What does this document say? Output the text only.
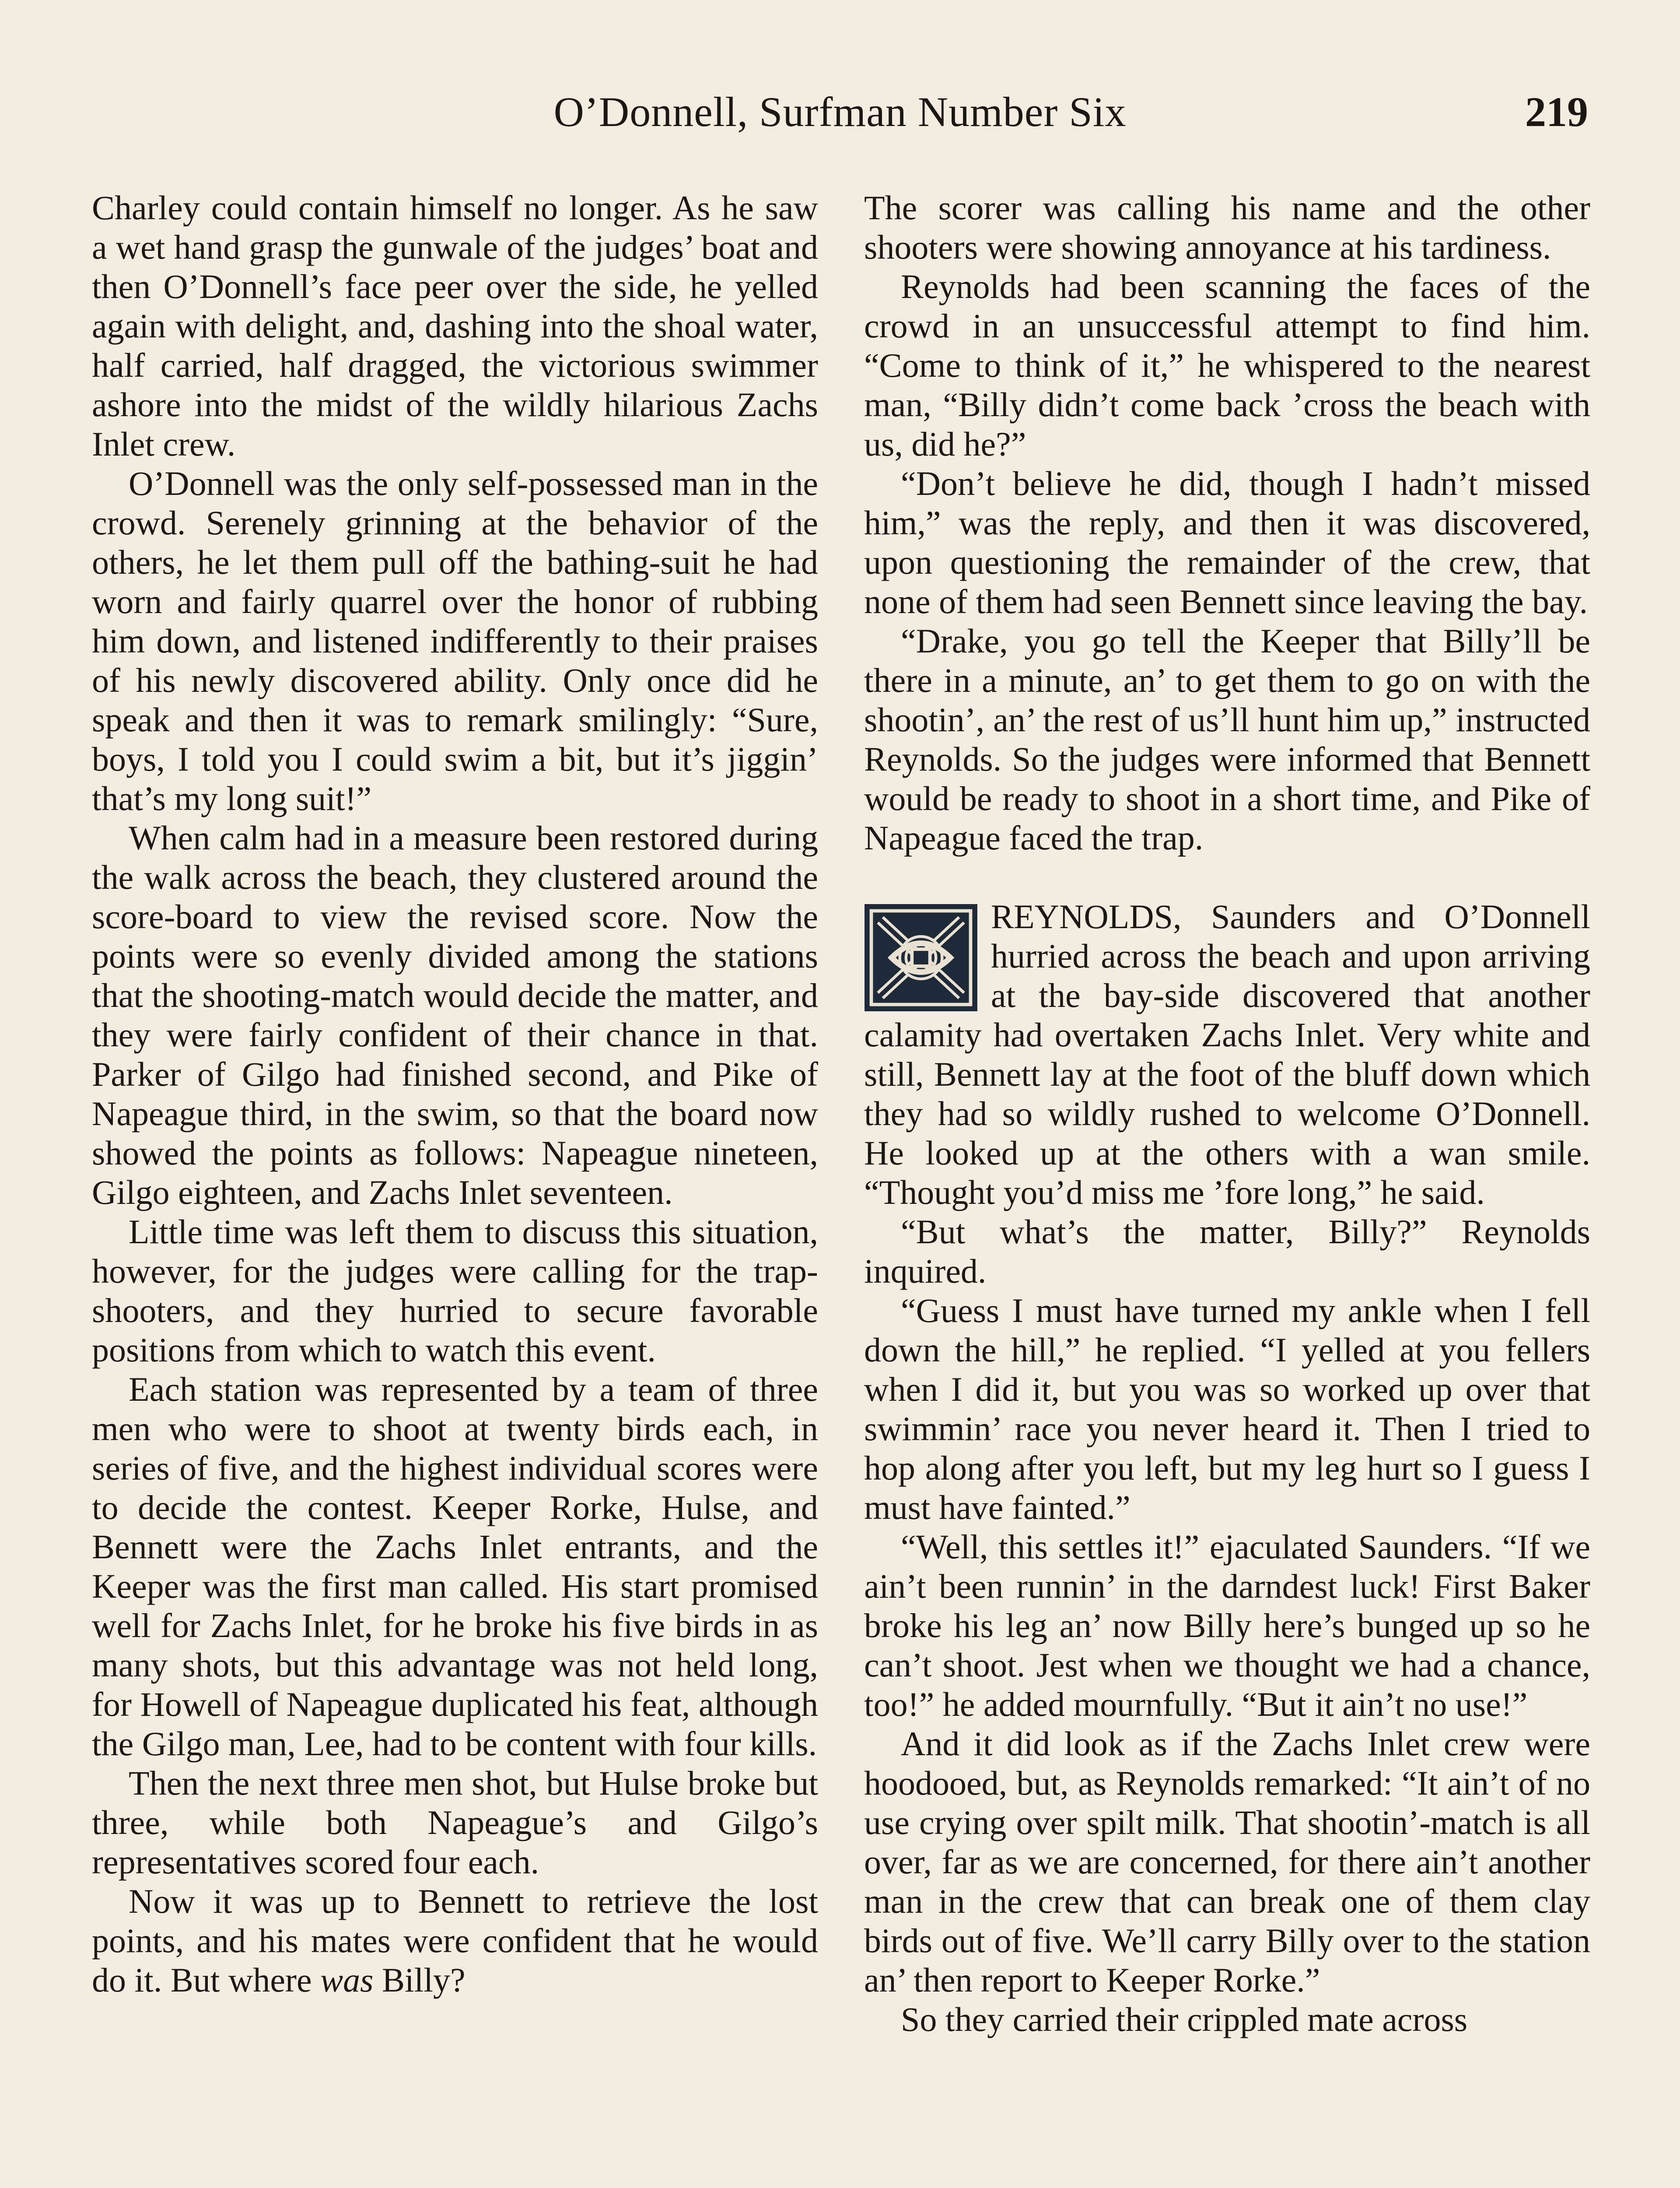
O’Donnell, Surfman Number Six	219

Charley could contain himself no longer. As he saw a wet hand grasp the gunwale of the judges’ boat and then O’Donnell’s face peer over the side, he yelled again with delight, and, dashing into the shoal water, half carried, half dragged, the victorious swimmer ashore into the midst of the wildly hilarious Zachs Inlet crew.

O’Donnell was the only self-possessed man in the crowd. Serenely grinning at the behavior of the others, he let them pull off the bathing-suit he had worn and fairly quarrel over the honor of rubbing him down, and listened indifferently to their praises of his newly discovered ability. Only once did he speak and then it was to remark smilingly: “Sure, boys, I told you I could swim a bit, but it’s jiggin’ that’s my long suit!”

When calm had in a measure been restored during the walk across the beach, they clustered around the score-board to view the revised score. Now the points were so evenly divided among the stations that the shooting-match would decide the matter, and they were fairly confident of their chance in that. Parker of Gilgo had finished second, and Pike of Napeague third, in the swim, so that the board now showed the points as follows: Napeague nineteen, Gilgo eighteen, and Zachs Inlet seventeen.

Little time was left them to discuss this situation, however, for the judges were calling for the trap-shooters, and they hurried to secure favorable positions from which to watch this event.

Each station was represented by a team of three men who were to shoot at twenty birds each, in series of five, and the highest individual scores were to decide the contest. Keeper Rorke, Hulse, and Bennett were the Zachs Inlet entrants, and the Keeper was the first man called. His start promised well for Zachs Inlet, for he broke his five birds in as many shots, but this advantage was not held long, for Howell of Napeague duplicated his feat, although the Gilgo man, Lee, had to be content with four kills.

Then the next three men shot, but Hulse broke but three, while both Napeague’s and Gilgo’s representatives scored four each.

Now it was up to Bennett to retrieve the lost points, and his mates were confident that he would do it. But where was Billy?

The scorer was calling his name and the other shooters were showing annoyance at his tardiness.

Reynolds had been scanning the faces of the crowd in an unsuccessful attempt to find him. “Come to think of it,” he whispered to the nearest man, “Billy didn’t come back ’cross the beach with us, did he?”

“Don’t believe he did, though I hadn’t missed him,” was the reply, and then it was discovered, upon questioning the remainder of the crew, that none of them had seen Bennett since leaving the bay.

“Drake, you go tell the Keeper that Billy’ll be there in a minute, an’ to get them to go on with the shootin’, an’ the rest of us’ll hunt him up,” instructed Reynolds. So the judges were informed that Bennett would be ready to shoot in a short time, and Pike of Napeague faced the trap.

REYNOLDS, Saunders and O’Donnell hurried across the beach and upon arriving at the bay-side discovered that another calamity had overtaken Zachs Inlet. Very white and still, Bennett lay at the foot of the bluff down which they had so wildly rushed to welcome O’Donnell. He looked up at the others with a wan smile. “Thought you’d miss me ’fore long,” he said.

“But what’s the matter, Billy?” Reynolds inquired.

“Guess I must have turned my ankle when I fell down the hill,” he replied. “I yelled at you fellers when I did it, but you was so worked up over that swimmin’ race you never heard it. Then I tried to hop along after you left, but my leg hurt so I guess I must have fainted.”

“Well, this settles it!” ejaculated Saunders. “If we ain’t been runnin’ in the darndest luck! First Baker broke his leg an’ now Billy here’s bunged up so he can’t shoot. Jest when we thought we had a chance, too!” he added mournfully. “But it ain’t no use!”

And it did look as if the Zachs Inlet crew were hoodooed, but, as Reynolds remarked: “It ain’t of no use crying over spilt milk. That shootin’-match is all over, far as we are concerned, for there ain’t another man in the crew that can break one of them clay birds out of five. We’ll carry Billy over to the station an’ then report to Keeper Rorke.”

So they carried their crippled mate across
